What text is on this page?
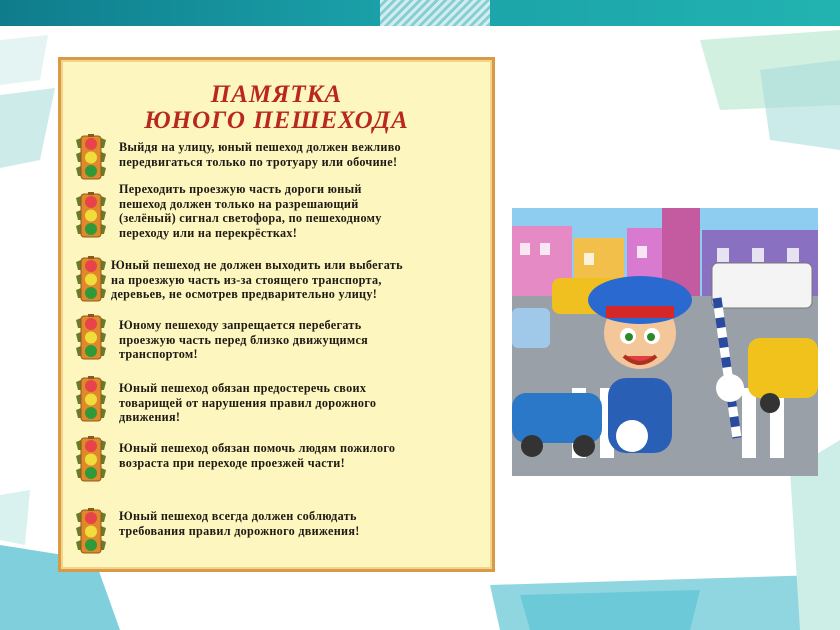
ПАМЯТКА
ЮНОГО ПЕШЕХОДА
Выйдя на улицу, юный пешеход должен вежливо
передвигаться только по тротуару или обочине!
Переходить проезжую часть дороги юный
пешеход должен только на разрешающий
(зелёный) сигнал светофора, по пешеходному
переходу или на перекрёстках!
Юный пешеход не должен выходить или выбегать
на проезжую часть из-за стоящего транспорта,
деревьев, не осмотрев предварительно улицу!
Юному пешеходу запрещается перебегать
проезжую часть перед близко движущимся
транспортом!
Юный пешеход обязан предостеречь своих
товарищей от нарушения правил дорожного
движения!
Юный пешеход обязан помочь людям пожилого
возраста при переходе проезжей части!
Юный пешеход всегда должен соблюдать
требования правил дорожного движения!
